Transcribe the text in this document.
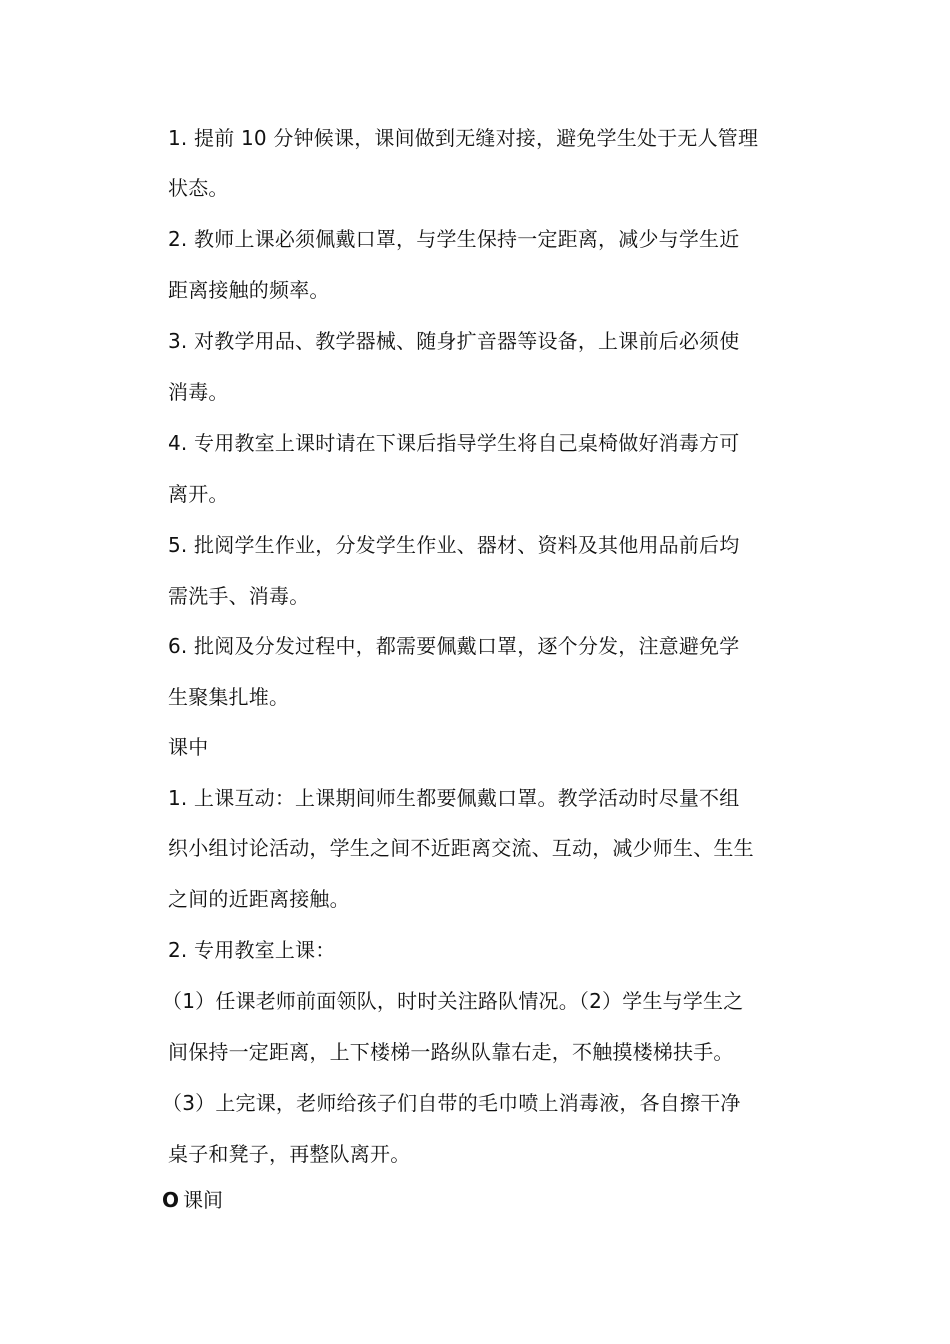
1. 提前 10 分钟候课，课间做到无缝对接，避免学生处于无人管理
状态。
2. 教师上课必须佩戴口罩，与学生保持一定距离，减少与学生近
距离接触的频率。
3. 对教学用品、教学器械、随身扩音器等设备，上课前后必须使
消毒。
4. 专用教室上课时请在下课后指导学生将自己桌椅做好消毒方可
离开。
5. 批阅学生作业，分发学生作业、器材、资料及其他用品前后均
需洗手、消毒。
6. 批阅及分发过程中，都需要佩戴口罩，逐个分发，注意避免学
生聚集扎堆。
课中
1. 上课互动：上课期间师生都要佩戴口罩。教学活动时尽量不组
织小组讨论活动，学生之间不近距离交流、互动，减少师生、生生
之间的近距离接触。
2. 专用教室上课：
（1）任课老师前面领队，时时关注路队情况。（2）学生与学生之
间保持一定距离，上下楼梯一路纵队靠右走，不触摸楼梯扶手。
（3）上完课，老师给孩子们自带的毛巾喷上消毒液，各自擦干净
桌子和凳子，再整队离开。
O 课间
